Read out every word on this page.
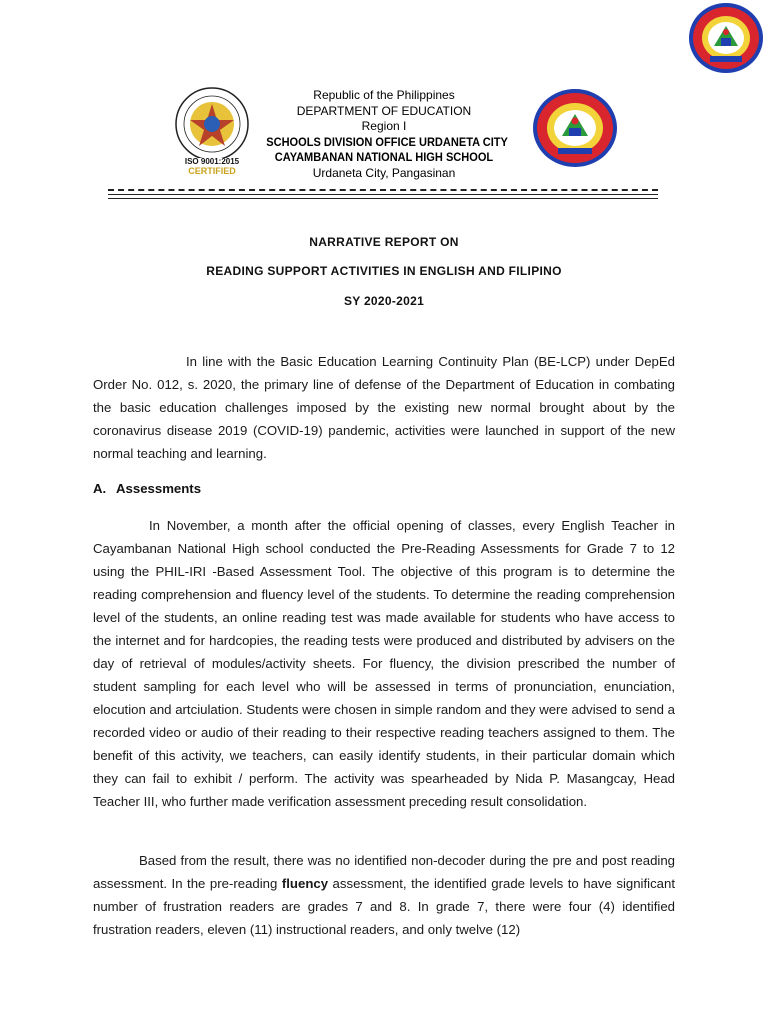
ISO 9001:2015
CERTIFIED
Republic of the Philippines
DEPARTMENT OF EDUCATION
Region I
SCHOOLS DIVISION OFFICE URDANETA CITY
CAYAMBANAN NATIONAL HIGH SCHOOL
Urdaneta City, Pangasinan
NARRATIVE REPORT ON
READING SUPPORT ACTIVITIES IN ENGLISH AND FILIPINO
SY 2020-2021
In line with the Basic Education Learning Continuity Plan (BE-LCP) under DepEd Order No. 012, s. 2020, the primary line of defense of the Department of Education in combating the basic education challenges imposed by the existing new normal brought about by the coronavirus disease 2019 (COVID-19) pandemic, activities were launched in support of the new normal teaching and learning.
A. Assessments
In November, a month after the official opening of classes, every English Teacher in Cayambanan National High school conducted the Pre-Reading Assessments for Grade 7 to 12 using the PHIL-IRI -Based Assessment Tool. The objective of this program is to determine the reading comprehension and fluency level of the students. To determine the reading comprehension level of the students, an online reading test was made available for students who have access to the internet and for hardcopies, the reading tests were produced and distributed by advisers on the day of retrieval of modules/activity sheets. For fluency, the division prescribed the number of student sampling for each level who will be assessed in terms of pronunciation, enunciation, elocution and artciulation. Students were chosen in simple random and they were advised to send a recorded video or audio of their reading to their respective reading teachers assigned to them. The benefit of this activity, we teachers, can easily identify students, in their particular domain which they can fail to exhibit / perform. The activity was spearheaded by Nida P. Masangcay, Head Teacher III, who further made verification assessment preceding result consolidation.
Based from the result, there was no identified non-decoder during the pre and post reading assessment. In the pre-reading fluency assessment, the identified grade levels to have significant number of frustration readers are grades 7 and 8. In grade 7, there were four (4) identified frustration readers, eleven (11) instructional readers, and only twelve (12)
